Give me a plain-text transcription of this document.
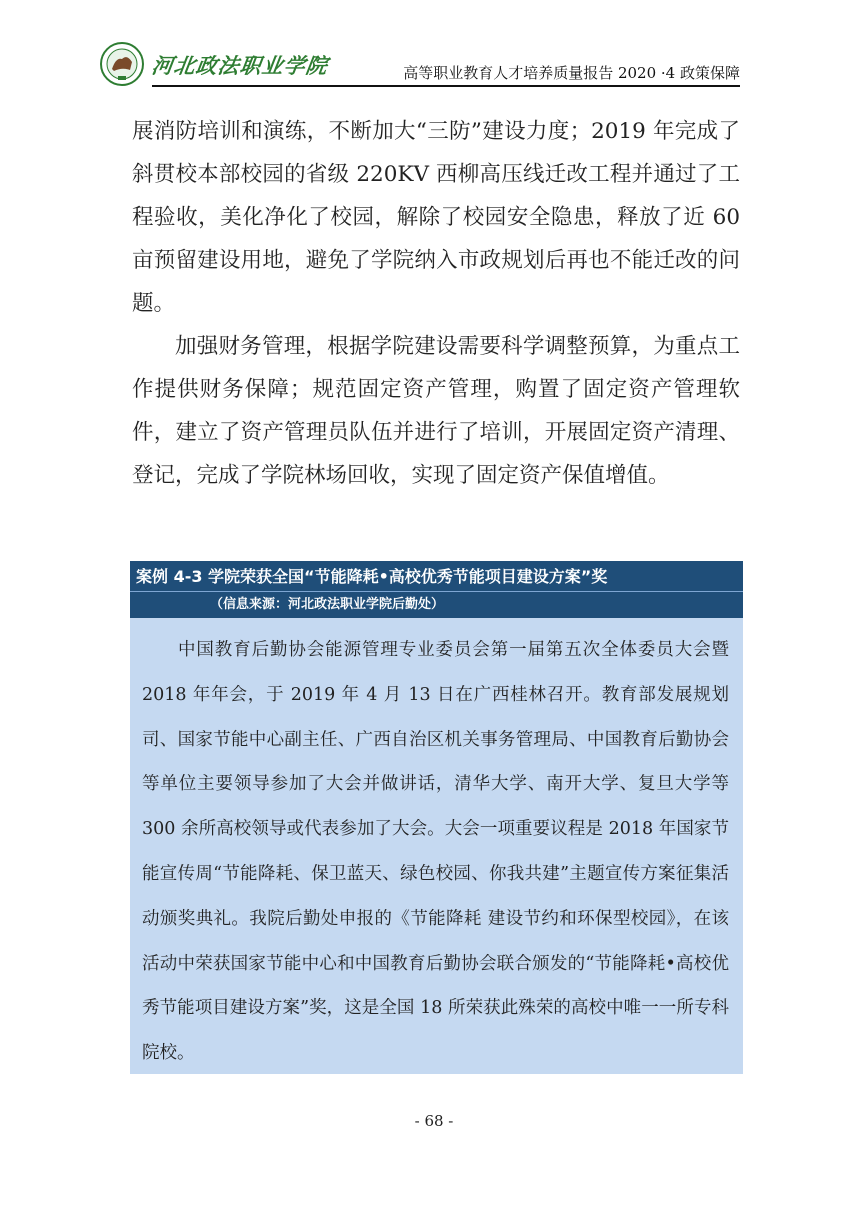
河北政法职业学院	高等职业教育人才培养质量报告 2020 ·4 政策保障

展消防培训和演练，不断加大“三防”建设力度；2019 年完成了斜贯校本部校园的省级 220KV 西柳高压线迁改工程并通过了工程验收，美化净化了校园，解除了校园安全隐患，释放了近 60 亩预留建设用地，避免了学院纳入市政规划后再也不能迁改的问题。

加强财务管理，根据学院建设需要科学调整预算，为重点工作提供财务保障；规范固定资产管理，购置了固定资产管理软件，建立了资产管理员队伍并进行了培训，开展固定资产清理、登记，完成了学院林场回收，实现了固定资产保值增值。

案例 4-3 学院荣获全国“节能降耗•高校优秀节能项目建设方案”奖
（信息来源：河北政法职业学院后勤处）

中国教育后勤协会能源管理专业委员会第一届第五次全体委员大会暨 2018 年年会，于 2019 年 4 月 13 日在广西桂林召开。教育部发展规划司、国家节能中心副主任、广西自治区机关事务管理局、中国教育后勤协会等单位主要领导参加了大会并做讲话，清华大学、南开大学、复旦大学等 300 余所高校领导或代表参加了大会。大会一项重要议程是 2018 年国家节能宣传周“节能降耗、保卫蓝天、绿色校园、你我共建”主题宣传方案征集活动颁奖典礼。我院后勤处申报的《节能降耗 建设节约和环保型校园》，在该活动中荣获国家节能中心和中国教育后勤协会联合颁发的“节能降耗•高校优秀节能项目建设方案”奖，这是全国 18 所荣获此殊荣的高校中唯一一所专科院校。

- 68 -
